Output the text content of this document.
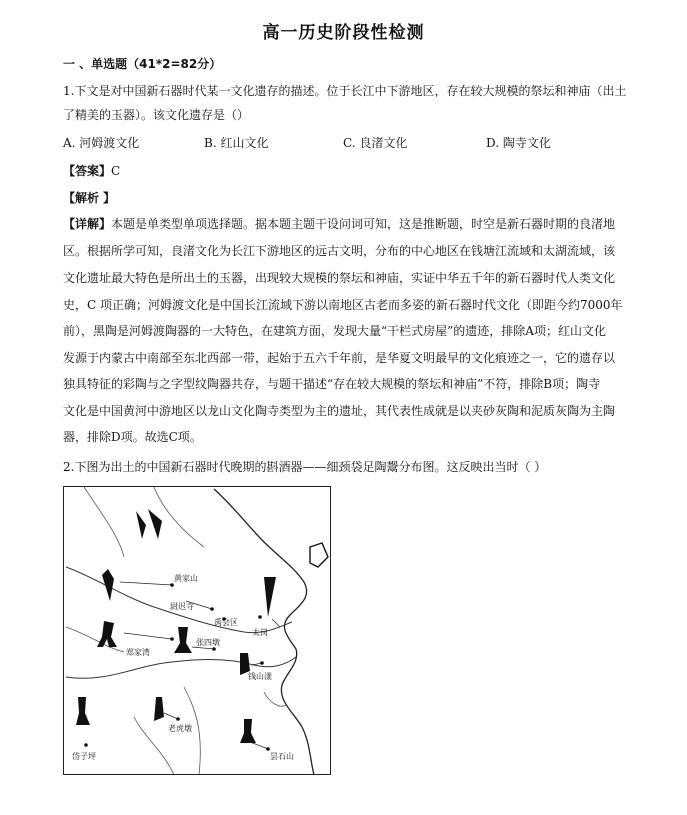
高一历史阶段性检测
一 、单选题（41*2=82分）
1.下文是对中国新石器时代某一文化遗存的描述。位于长江中下游地区，存在较大规模的祭坛和神庙（出土
了精美的玉器）。该文化遗存是（）
A. 河姆渡文化	B. 红山文化	C. 良渚文化	D. 陶寺文化
【答案】C
【解析 】
【详解】本题是单类型单项选择题。据本题主题干设问词可知，这是推断题，时空是新石器时期的良渚地
区。根据所学可知，良渚文化为长江下游地区的远古文明，分布的中心地区在钱塘江流域和太湖流域，该
文化遗址最大特色是所出土的玉器，出现较大规模的祭坛和神庙，实证中华五千年的新石器时代人类文化
史，C 项正确；河姆渡文化是中国长江流域下游以南地区古老而多姿的新石器时代文化（即距今约7000年
前），黑陶是河姆渡陶器的一大特色，在建筑方面，发现大量“干栏式房屋”的遗迹，排除A项；红山文化
发源于内蒙古中南部至东北西部一带，起始于五六千年前，是华夏文明最早的文化痕迹之一，它的遗存以
独具特征的彩陶与之字型纹陶器共存，与题干描述“存在较大规模的祭坛和神庙”不符，排除B项；陶寺
文化是中国黄河中游地区以龙山文化陶寺类型为主的遗址，其代表性成就是以夹砂灰陶和泥质灰陶为主陶
器，排除D项。故选C项。
2.下图为出土的中国新石器时代晚期的斟酒器——细颈袋足陶鬶分布图。这反映出当时（ ）
黄家山
尉迟寺
禹会区
太岗
郑家湾
张四墩
钱山漾
老虎墩
岱子坪	昙石山
